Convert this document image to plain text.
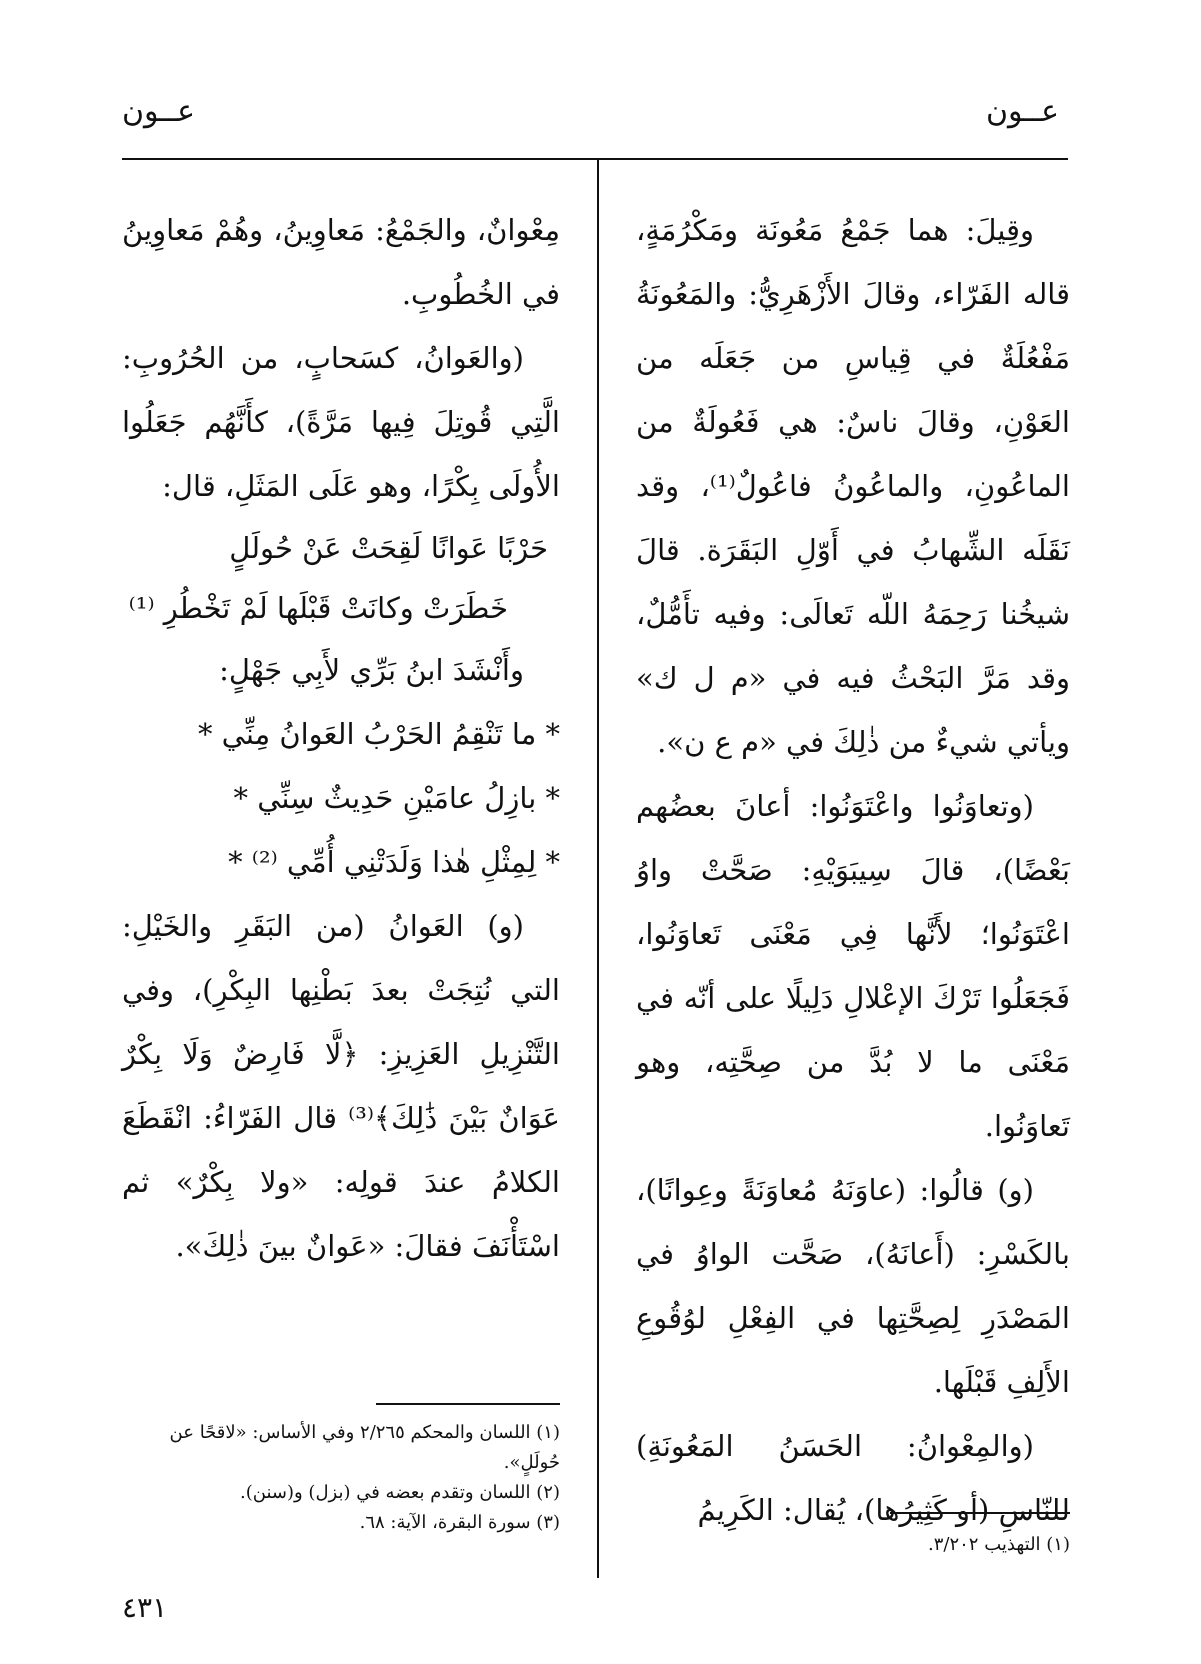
عــون
عــون

وقِيلَ: هما جَمْعُ مَعُونَة ومَكْرُمَةٍ، قاله الفَرّاء، وقالَ الأَزْهَرِيُّ: والمَعُونَةُ مَفْعُلَةٌ في قِياسِ من جَعَلَه من العَوْنِ، وقالَ ناسٌ: هي فَعُولَةٌ من الماعُونِ، والماعُونُ فاعُولٌ⁽¹⁾، وقد نَقَلَه الشِّهابُ في أَوّلِ البَقَرَة. قالَ شيخُنا رَحِمَهُ اللّه تَعالَى: وفيه تأَمُّلٌ، وقد مَرَّ البَحْثُ فيه في «م ل ك» ويأتي شيءٌ من ذٰلِكَ في «م ع ن».

(وتعاوَنُوا واعْتَوَنُوا: أعانَ بعضُهم بَعْضًا)، قالَ سِيبَوَيْهِ: صَحَّتْ واوُ اعْتَوَنُوا؛ لأَنَّها فِي مَعْنَى تَعاوَنُوا، فَجَعَلُوا تَرْكَ الإعْلالِ دَلِيلًا على أنّه في مَعْنَى ما لا بُدَّ من صِحَّتِه، وهو تَعاوَنُوا.

(و) قالُوا: (عاوَنَهُ مُعاوَنَةً وعِوانًا)، بالكَسْرِ: (أَعانَهُ)، صَحَّت الواوُ في المَصْدَرِ لِصِحَّتِها في الفِعْلِ لوُقُوعِ الأَلِفِ قَبْلَها.

(والمِعْوانُ: الحَسَنُ المَعُونَةِ) للنّاسِ (أو كَثِيرُها)، يُقال: الكَرِيمُ

مِعْوانٌ، والجَمْعُ: مَعاوِينُ، وهُمْ مَعاوِينُ في الخُطُوبِ.

(والعَوانُ، كسَحابٍ، من الحُرُوبِ: الَّتِي قُوتِلَ فِيها مَرَّةً)، كأَنَّهُم جَعَلُوا الأُولَى بِكْرًا، وهو عَلَى المَثَلِ، قال:

حَرْبًا عَوانًا لَقِحَتْ عَنْ حُولَلٍ

خَطَرَتْ وكانَتْ قَبْلَها لَمْ تَخْطُرِ ⁽¹⁾

وأَنْشَدَ ابنُ بَرِّي لأَبِي جَهْلٍ:

* ما تَنْقِمُ الحَرْبُ العَوانُ مِنِّي *

* بازِلُ عامَيْنِ حَدِيثٌ سِنِّي *

* لِمِثْلِ هٰذا وَلَدَتْنِي أُمِّي ⁽²⁾ *

(و) العَوانُ (من البَقَرِ والخَيْلِ: التي نُتِجَتْ بعدَ بَطْنِها البِكْرِ)، وفي التَّنْزِيلِ العَزِيزِ: ﴿لَّا فَارِضٌ وَلَا بِكْرٌ عَوَانٌ بَيْنَ ذَٰلِكَ﴾⁽³⁾ قال الفَرّاءُ: انْقَطَعَ الكلامُ عندَ قولِه: «ولا بِكْرٌ» ثم اسْتَأْنَفَ فقالَ: «عَوانٌ بينَ ذٰلِكَ».

(١) التهذيب ٣/٢٠٢.

(١) اللسان والمحكم ٢/٢٦٥ وفي الأساس: «لاقحًا عن حُولَلٍ».

(٢) اللسان وتقدم بعضه في (بزل) و(سنن).

(٣) سورة البقرة، الآية: ٦٨.

٤٣١
